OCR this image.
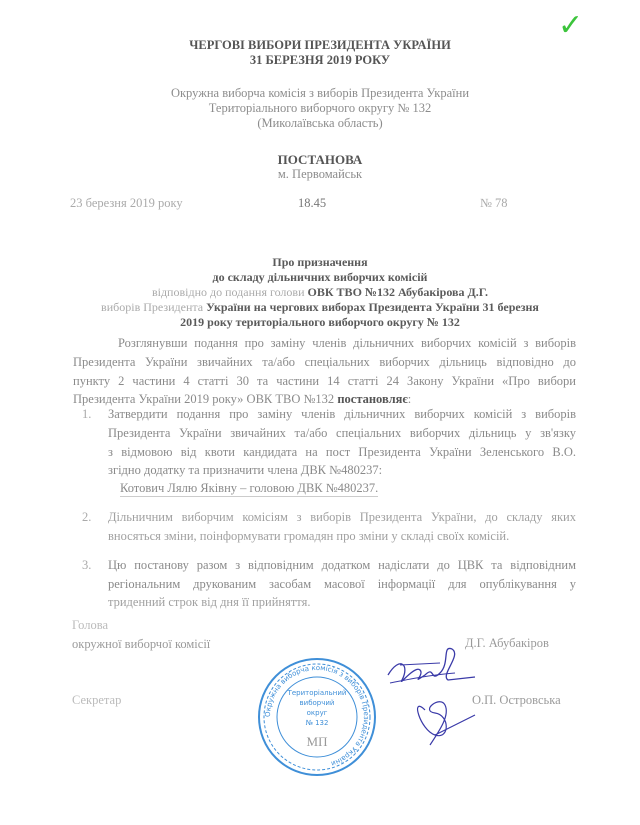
✓
ЧЕРГОВІ ВИБОРИ ПРЕЗИДЕНТА УКРАЇНИ
31 БЕРЕЗНЯ 2019 РОКУ
Окружна виборча комісія з виборів Президента України
Територіального виборчого округу № 132
(Миколаївська область)
ПОСТАНОВА
м. Первомайськ
23 березня 2019 року	18.45	№ 78
Про призначення
до складу дільничних виборчих комісій
відповідно до подання голови ОВК ТВО №132 Абубакірова Д.Г.
виборів Президента України на чергових виборах Президента України 31 березня
2019 року територіального виборчого округу № 132
Розглянувши подання про заміну членів дільничних виборчих комісій з виборів
Президента України звичайних та/або спеціальних виборчих дільниць відповідно до
пункту 2 частини 4 статті 30 та частини 14 статті 24 Закону України «Про вибори
Президента України 2019 року» ОВК ТВО №132 постановляє:
1. Затвердити подання про заміну членів дільничних виборчих комісій з виборів
Президента України звичайних та/або спеціальних виборчих дільниць у зв'язку
з відмовою від квоти кандидата на пост Президента України Зеленського В.О.
згідно додатку та призначити члена ДВК №480237:
Котович Лялю Яківну – головою ДВК №480237.
2. Дільничним виборчим комісіям з виборів Президента України, до складу яких
вносяться зміни, поінформувати громадян про зміни у складі своїх комісій.
3. Цю постанову разом з відповідним додатком надіслати до ЦВК та відповідним
регіональним друкованим засобам масової інформації для опублікування у
триденний строк від дня її прийняття.
Голова
окружної виборчої комісії
Секретар
Д.Г. Абубакіров
О.П. Островська
Окружна виборча комісія з виборів Президента України
Територіальний
виборчий
округ
№ 132
МП
